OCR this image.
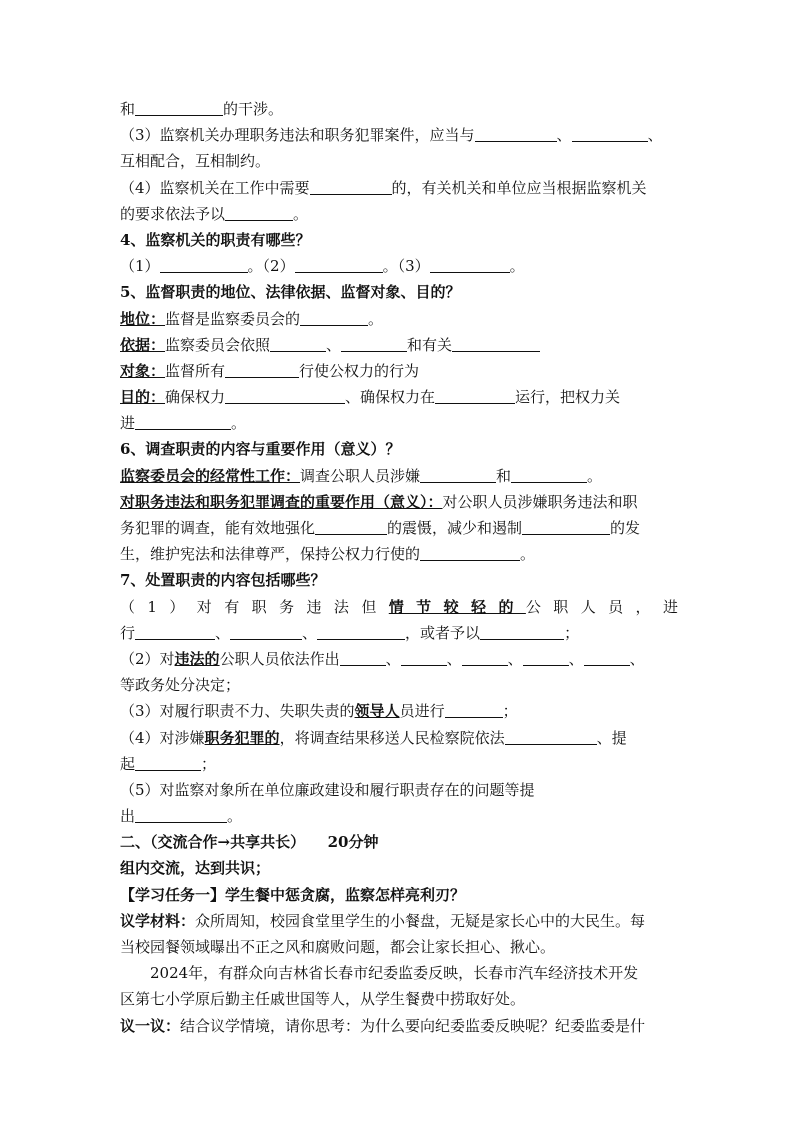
和	的干涉。
（3）监察机关办理职务违法和职务犯罪案件，应当与	、	、
互相配合，互相制约。
（4）监察机关在工作中需要	的，有关机关和单位应当根据监察机关
的要求依法予以	。
4、监察机关的职责有哪些？
（1）	。（2）	。（3）	。
5、监督职责的地位、法律依据、监督对象、目的？
地位：监督是监察委员会的	。
依据：监察委员会依照	、	和有关
对象：监督所有	行使公权力的行为
目的：确保权力	、确保权力在	运行，把权力关
进	。
6、调查职责的内容与重要作用（意义）？
监察委员会的经常性工作：调查公职人员涉嫌	和	。
对职务违法和职务犯罪调查的重要作用（意义）：对公职人员涉嫌职务违法和职
务犯罪的调查，能有效地强化	的震慑，减少和遏制	的发
生，维护宪法和法律尊严，保持公权力行使的	。
7、处置职责的内容包括哪些？
（1）对有职务违法但情节较轻的公职人员，进
行	、	、	，或者予以	；
（2）对违法的公职人员依法作出	、	、	、	、	、
等政务处分决定；
（3）对履行职责不力、失职失责的领导人员进行	；
（4）对涉嫌职务犯罪的，将调查结果移送人民检察院依法	、提
起	；
（5）对监察对象所在单位廉政建设和履行职责存在的问题等提
出	。
二、（交流合作→共享共长）　　20分钟
组内交流，达到共识；
【学习任务一】学生餐中惩贪腐，监察怎样亮利刃？
议学材料：众所周知，校园食堂里学生的小餐盘，无疑是家长心中的大民生。每
当校园餐领域曝出不正之风和腐败问题，都会让家长担心、揪心。
2024年，有群众向吉林省长春市纪委监委反映，长春市汽车经济技术开发
区第七小学原后勤主任戚世国等人，从学生餐费中捞取好处。
议一议：结合议学情境，请你思考：为什么要向纪委监委反映呢？纪委监委是什
